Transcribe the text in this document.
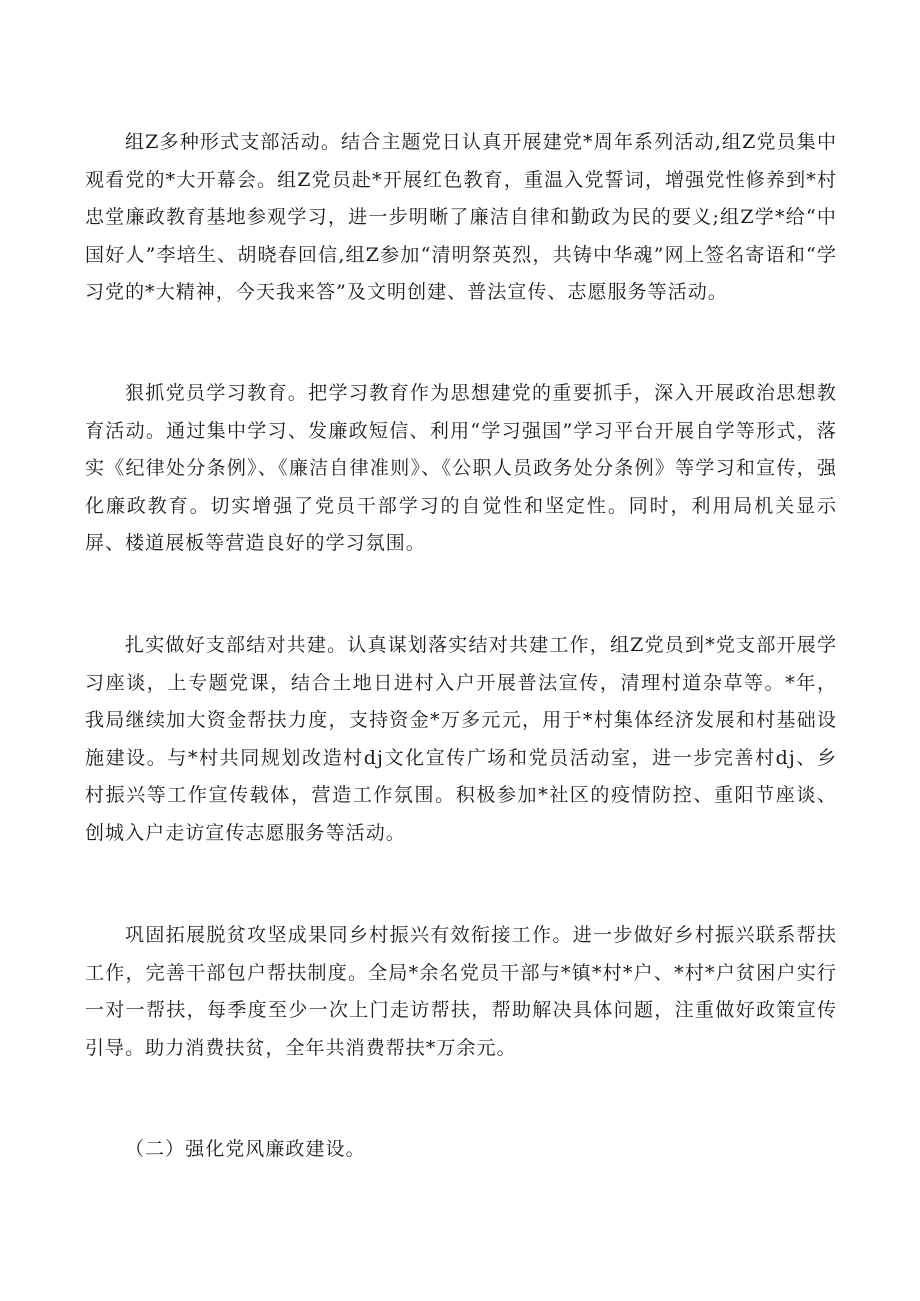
组Z多种形式支部活动。结合主题党日认真开展建党*周年系列活动,组Z党员集中观看党的*大开幕会。组Z党员赴*开展红色教育，重温入党誓词，增强党性修养到*村忠堂廉政教育基地参观学习，进一步明晰了廉洁自律和勤政为民的要义;组Z学*给“中国好人”李培生、胡晓春回信,组Z参加“清明祭英烈，共铸中华魂”网上签名寄语和“学习党的*大精神，今天我来答”及文明创建、普法宣传、志愿服务等活动。

狠抓党员学习教育。把学习教育作为思想建党的重要抓手，深入开展政治思想教育活动。通过集中学习、发廉政短信、利用“学习强国”学习平台开展自学等形式，落实《纪律处分条例》、《廉洁自律准则》、《公职人员政务处分条例》等学习和宣传，强化廉政教育。切实增强了党员干部学习的自觉性和坚定性。同时，利用局机关显示屏、楼道展板等营造良好的学习氛围。

扎实做好支部结对共建。认真谋划落实结对共建工作，组Z党员到*党支部开展学习座谈，上专题党课，结合土地日进村入户开展普法宣传，清理村道杂草等。*年，我局继续加大资金帮扶力度，支持资金*万多元元，用于*村集体经济发展和村基础设施建设。与*村共同规划改造村dj文化宣传广场和党员活动室，进一步完善村dj、乡村振兴等工作宣传载体，营造工作氛围。积极参加*社区的疫情防控、重阳节座谈、创城入户走访宣传志愿服务等活动。

巩固拓展脱贫攻坚成果同乡村振兴有效衔接工作。进一步做好乡村振兴联系帮扶工作，完善干部包户帮扶制度。全局*余名党员干部与*镇*村*户、*村*户贫困户实行一对一帮扶，每季度至少一次上门走访帮扶，帮助解决具体问题，注重做好政策宣传引导。助力消费扶贫，全年共消费帮扶*万余元。

（二）强化党风廉政建设。
